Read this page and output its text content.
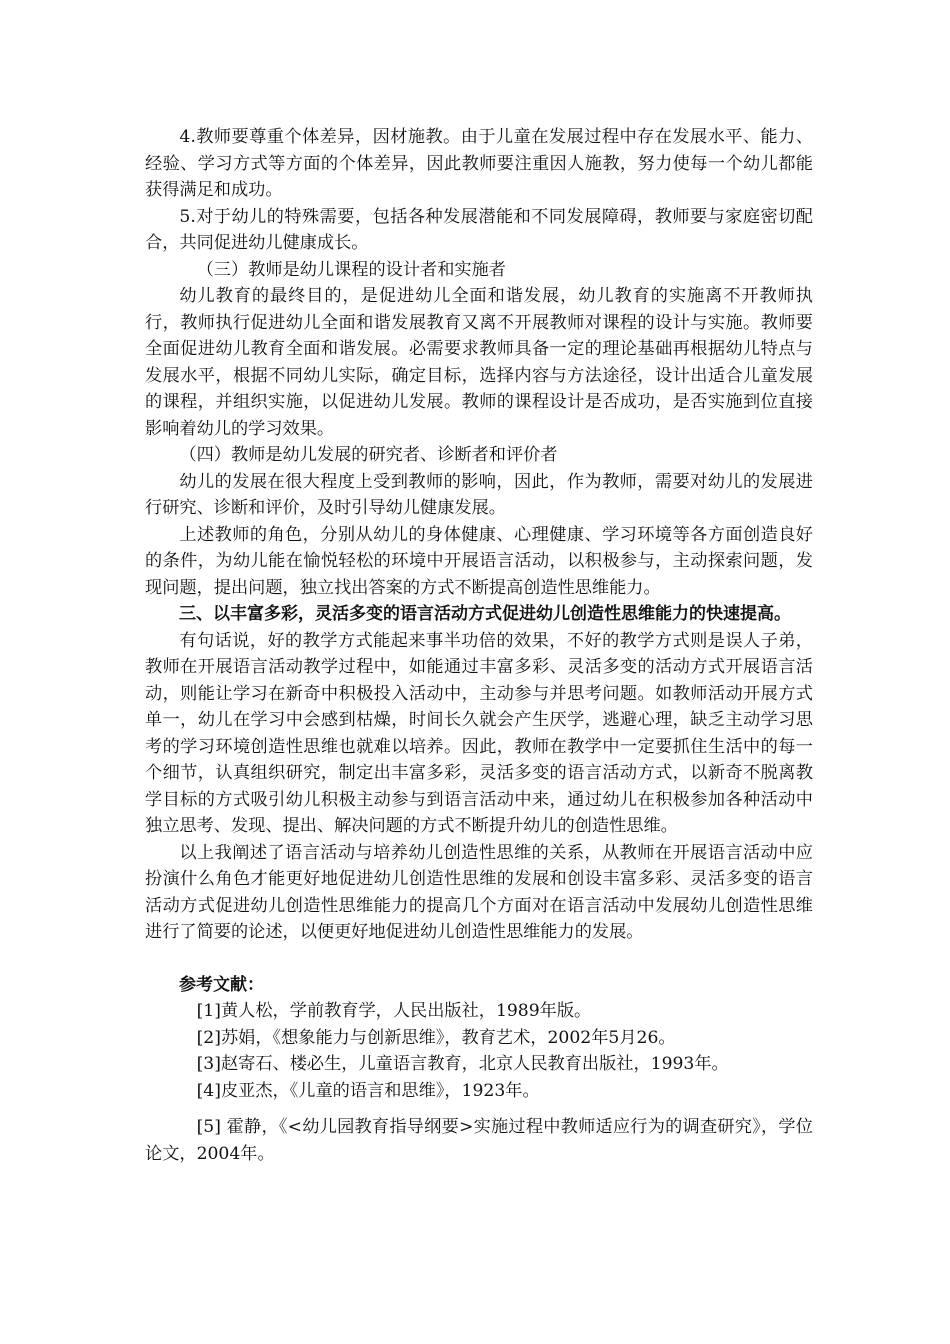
4.教师要尊重个体差异，因材施教。由于儿童在发展过程中存在发展水平、能力、经验、学习方式等方面的个体差异，因此教师要注重因人施教，努力使每一个幼儿都能获得满足和成功。

5.对于幼儿的特殊需要，包括各种发展潜能和不同发展障碍，教师要与家庭密切配合，共同促进幼儿健康成长。

（三）教师是幼儿课程的设计者和实施者

幼儿教育的最终目的，是促进幼儿全面和谐发展，幼儿教育的实施离不开教师执行，教师执行促进幼儿全面和谐发展教育又离不开展教师对课程的设计与实施。教师要全面促进幼儿教育全面和谐发展。必需要求教师具备一定的理论基础再根据幼儿特点与发展水平，根据不同幼儿实际，确定目标，选择内容与方法途径，设计出适合儿童发展的课程，并组织实施，以促进幼儿发展。教师的课程设计是否成功，是否实施到位直接影响着幼儿的学习效果。

（四）教师是幼儿发展的研究者、诊断者和评价者

幼儿的发展在很大程度上受到教师的影响，因此，作为教师，需要对幼儿的发展进行研究、诊断和评价，及时引导幼儿健康发展。

上述教师的角色，分别从幼儿的身体健康、心理健康、学习环境等各方面创造良好的条件，为幼儿能在愉悦轻松的环境中开展语言活动，以积极参与，主动探索问题，发现问题，提出问题，独立找出答案的方式不断提高创造性思维能力。

三、以丰富多彩，灵活多变的语言活动方式促进幼儿创造性思维能力的快速提高。

有句话说，好的教学方式能起来事半功倍的效果，不好的教学方式则是误人子弟，教师在开展语言活动教学过程中，如能通过丰富多彩、灵活多变的活动方式开展语言活动，则能让学习在新奇中积极投入活动中，主动参与并思考问题。如教师活动开展方式单一，幼儿在学习中会感到枯燥，时间长久就会产生厌学，逃避心理，缺乏主动学习思考的学习环境创造性思维也就难以培养。因此，教师在教学中一定要抓住生活中的每一个细节，认真组织研究，制定出丰富多彩，灵活多变的语言活动方式，以新奇不脱离教学目标的方式吸引幼儿积极主动参与到语言活动中来，通过幼儿在积极参加各种活动中独立思考、发现、提出、解决问题的方式不断提升幼儿的创造性思维。

以上我阐述了语言活动与培养幼儿创造性思维的关系，从教师在开展语言活动中应扮演什么角色才能更好地促进幼儿创造性思维的发展和创设丰富多彩、灵活多变的语言活动方式促进幼儿创造性思维能力的提高几个方面对在语言活动中发展幼儿创造性思维进行了简要的论述，以便更好地促进幼儿创造性思维能力的发展。

参考文献：

[1]黄人松，学前教育学，人民出版社，1989年版。

[2]苏娟，《想象能力与创新思维》，教育艺术，2002年5月26。

[3]赵寄石、楼必生，儿童语言教育，北京人民教育出版社，1993年。

[4]皮亚杰，《儿童的语言和思维》，1923年。

[5] 霍静，《<幼儿园教育指导纲要>实施过程中教师适应行为的调查研究》，学位论文，2004年。
